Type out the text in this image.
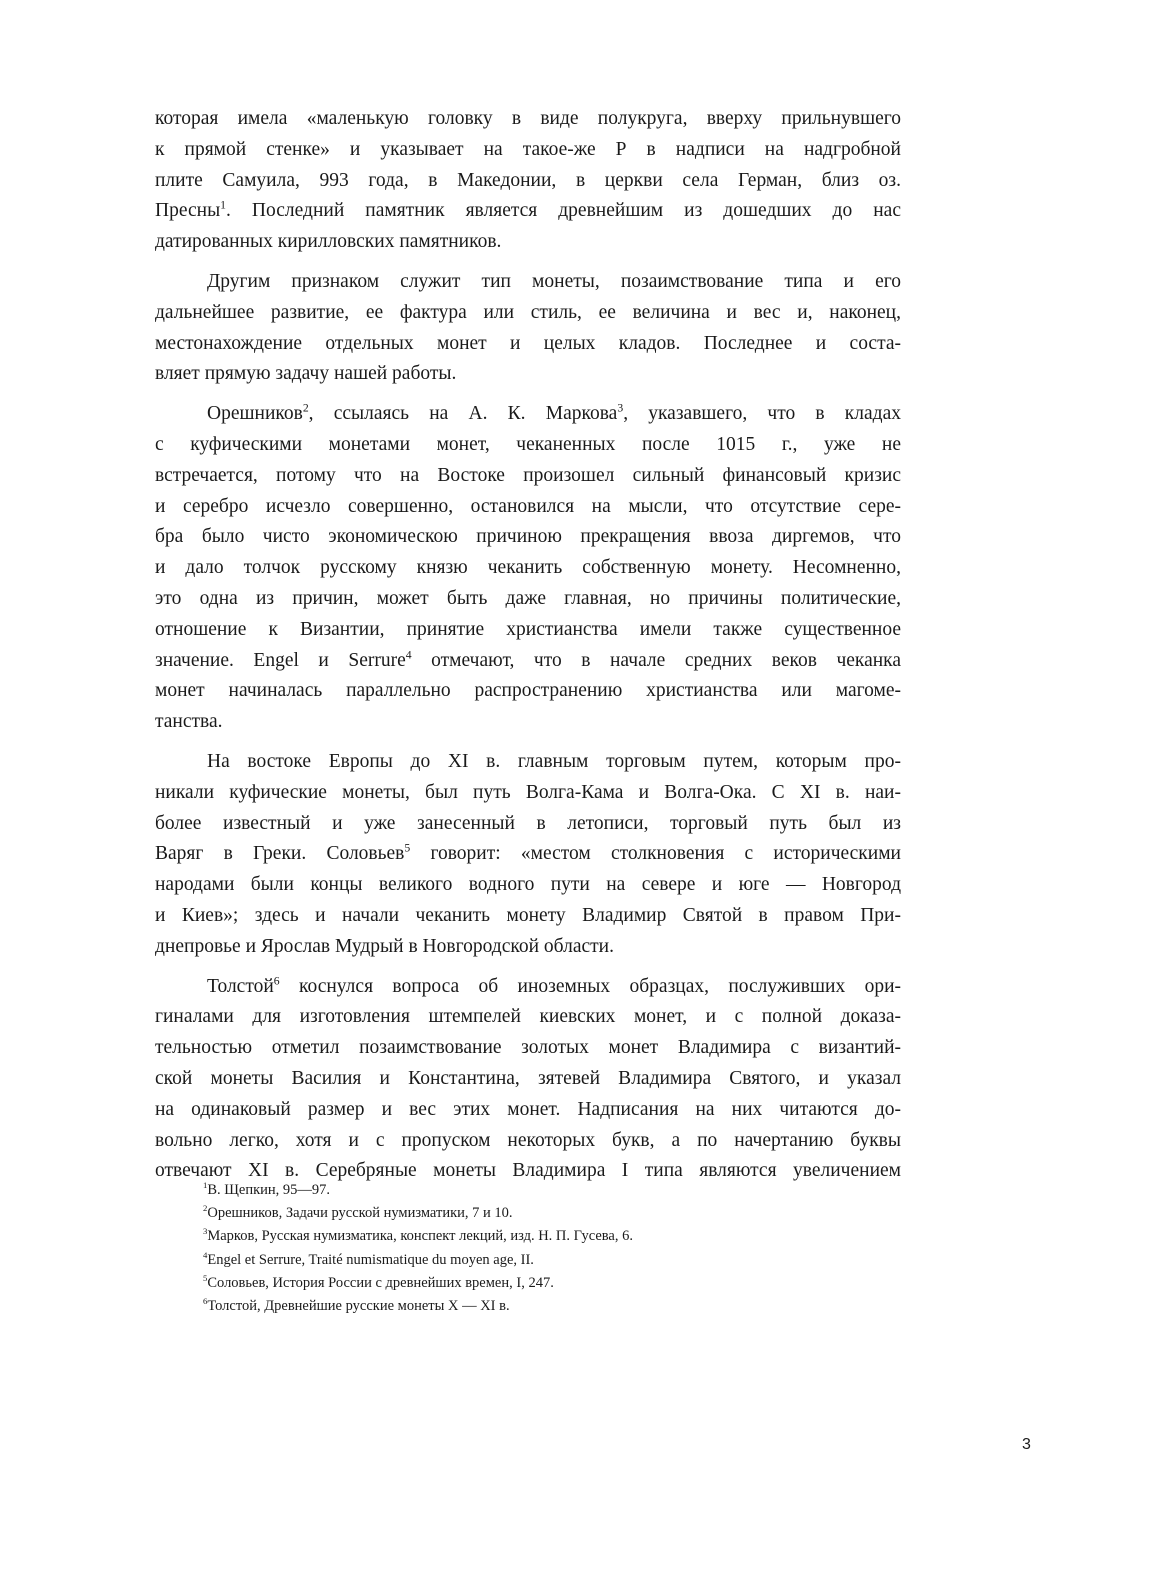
которая имела «маленькую головку в виде полукруга, вверху прильнувшего
к прямой стенке» и указывает на такое-же Р в надписи на надгробной
плите Самуила, 993 года, в Македонии, в церкви села Герман, близ оз.
Пресны$^1$. Последний памятник является древнейшим из дошедших до нас
датированных кирилловских памятников.
Другим признаком служит тип монеты, позаимствование типа и его
дальнейшее развитие, ее фактура или стиль, ее величина и вес и, наконец,
местонахождение отдельных монет и целых кладов. Последнее и соста-
вляет прямую задачу нашей работы.
Орешников$^2$, ссылаясь на А. К. Маркова$^3$, указавшего, что в кладах
с куфическими монетами монет, чеканенных после 1015 г., уже не
встречается, потому что на Востоке произошел сильный финансовый кризис
и серебро исчезло совершенно, остановился на мысли, что отсутствие сере-
бра было чисто экономическою причиною прекращения ввоза диргемов, что
и дало толчок русскому князю чеканить собственную монету. Несомненно,
это одна из причин, может быть даже главная, но причины политические,
отношение к Византии, принятие христианства имели также существенное
значение. Engel и Serrure$^4$ отмечают, что в начале средних веков чеканка
монет начиналась параллельно распространению христианства или магоме-
танства.
На востоке Европы до XI в. главным торговым путем, которым про-
никали куфические монеты, был путь Волга-Кама и Волга-Ока. С XI в. наи-
более известный и уже занесенный в летописи, торговый путь был из
Варяг в Греки. Соловьев$^5$ говорит: «местом столкновения с историческими
народами были концы великого водного пути на севере и юге — Новгород
и Киев»; здесь и начали чеканить монету Владимир Святой в правом При-
днепровье и Ярослав Мудрый в Новгородской области.
Толстой$^6$ коснулся вопроса об иноземных образцах, послуживших ори-
гиналами для изготовления штемпелей киевских монет, и с полной доказа-
тельностью отметил позаимствование золотых монет Владимира с византий-
ской монеты Василия и Константина, зятевей Владимира Святого, и указал
на одинаковый размер и вес этих монет. Надписания на них читаются до-
вольно легко, хотя и с пропуском некоторых букв, а по начертанию буквы
отвечают XI в. Серебряные монеты Владимира I типа являются увеличением
$^1$В. Щепкин, 95—97.
$^2$Орешников, Задачи русской нумизматики, 7 и 10.
$^3$Марков, Русская нумизматика, конспект лекций, изд. Н. П. Гусева, 6.
$^4$Engel et Serrure, Traité numismatique du moyen age, II.
$^5$Соловьев, История России с древнейших времен, I, 247.
$^6$Толстой, Древнейшие русские монеты X — XI в.
3
